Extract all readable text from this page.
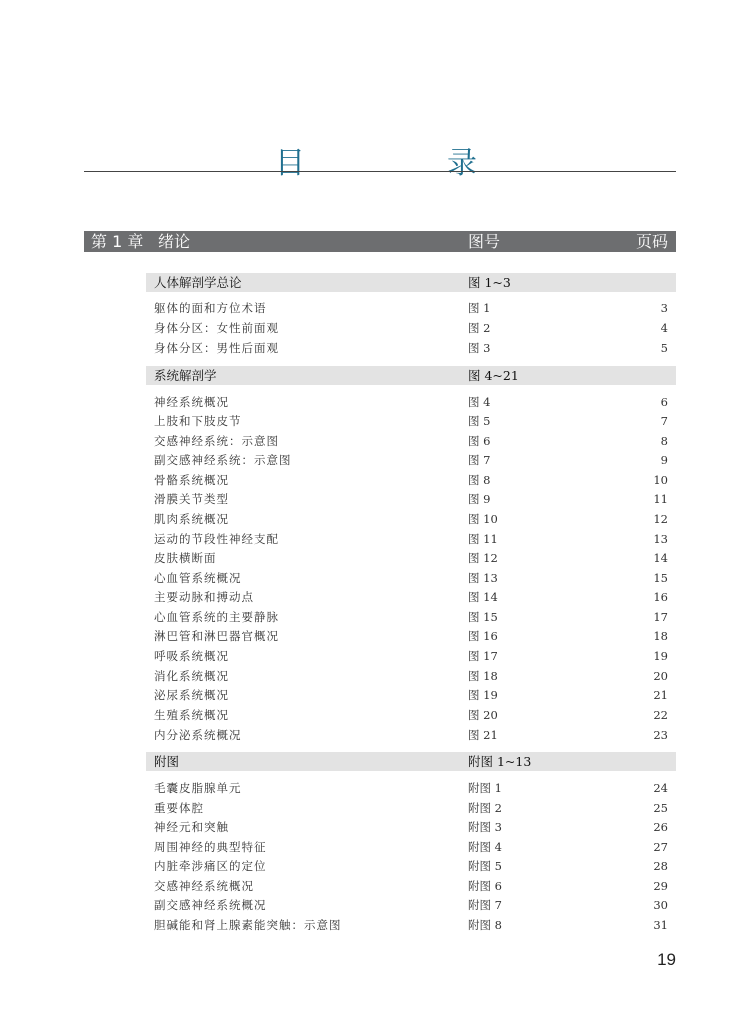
目　录
第 1 章 绪论	图号	页码
人体解剖学总论	图 1~3
躯体的面和方位术语	图 1	3
身体分区：女性前面观	图 2	4
身体分区：男性后面观	图 3	5
系统解剖学	图 4~21
神经系统概况	图 4	6
上肢和下肢皮节	图 5	7
交感神经系统：示意图	图 6	8
副交感神经系统：示意图	图 7	9
骨骼系统概况	图 8	10
滑膜关节类型	图 9	11
肌肉系统概况	图 10	12
运动的节段性神经支配	图 11	13
皮肤横断面	图 12	14
心血管系统概况	图 13	15
主要动脉和搏动点	图 14	16
心血管系统的主要静脉	图 15	17
淋巴管和淋巴器官概况	图 16	18
呼吸系统概况	图 17	19
消化系统概况	图 18	20
泌尿系统概况	图 19	21
生殖系统概况	图 20	22
内分泌系统概况	图 21	23
附图	附图 1~13
毛囊皮脂腺单元	附图 1	24
重要体腔	附图 2	25
神经元和突触	附图 3	26
周围神经的典型特征	附图 4	27
内脏牵涉痛区的定位	附图 5	28
交感神经系统概况	附图 6	29
副交感神经系统概况	附图 7	30
胆碱能和肾上腺素能突触：示意图	附图 8	31
19
